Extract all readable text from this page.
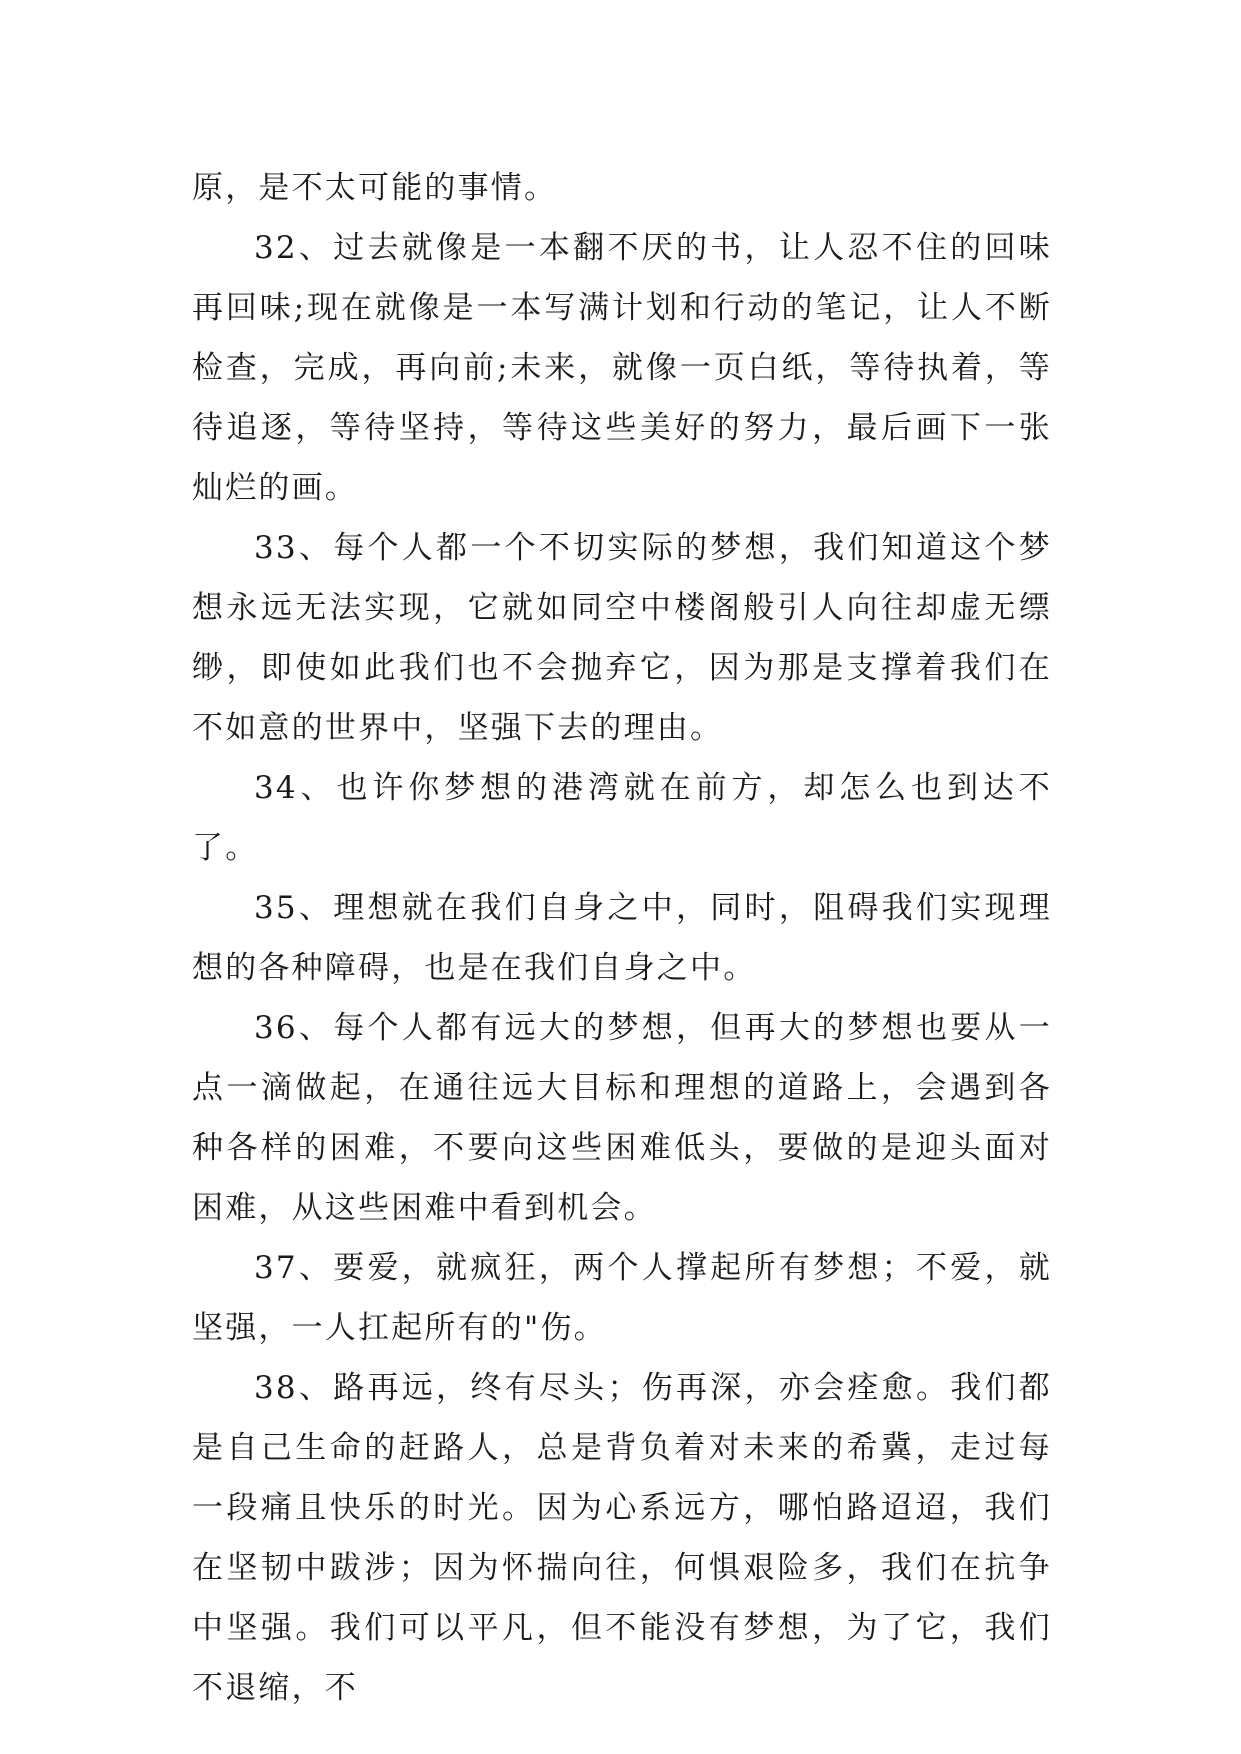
原，是不太可能的事情。

32、过去就像是一本翻不厌的书，让人忍不住的回味再回味;现在就像是一本写满计划和行动的笔记，让人不断检查，完成，再向前;未来，就像一页白纸，等待执着，等待追逐，等待坚持，等待这些美好的努力，最后画下一张灿烂的画。

33、每个人都一个不切实际的梦想，我们知道这个梦想永远无法实现，它就如同空中楼阁般引人向往却虚无缥缈，即使如此我们也不会抛弃它，因为那是支撑着我们在不如意的世界中，坚强下去的理由。

34、也许你梦想的港湾就在前方，却怎么也到达不了。

35、理想就在我们自身之中，同时，阻碍我们实现理想的各种障碍，也是在我们自身之中。

36、每个人都有远大的梦想，但再大的梦想也要从一点一滴做起，在通往远大目标和理想的道路上，会遇到各种各样的困难，不要向这些困难低头，要做的是迎头面对困难，从这些困难中看到机会。

37、要爱，就疯狂，两个人撑起所有梦想；不爱，就坚强，一人扛起所有的"伤。

38、路再远，终有尽头；伤再深，亦会痊愈。我们都是自己生命的赶路人，总是背负着对未来的希冀，走过每一段痛且快乐的时光。因为心系远方，哪怕路迢迢，我们在坚韧中跋涉；因为怀揣向往，何惧艰险多，我们在抗争中坚强。我们可以平凡，但不能没有梦想，为了它，我们不退缩，不
